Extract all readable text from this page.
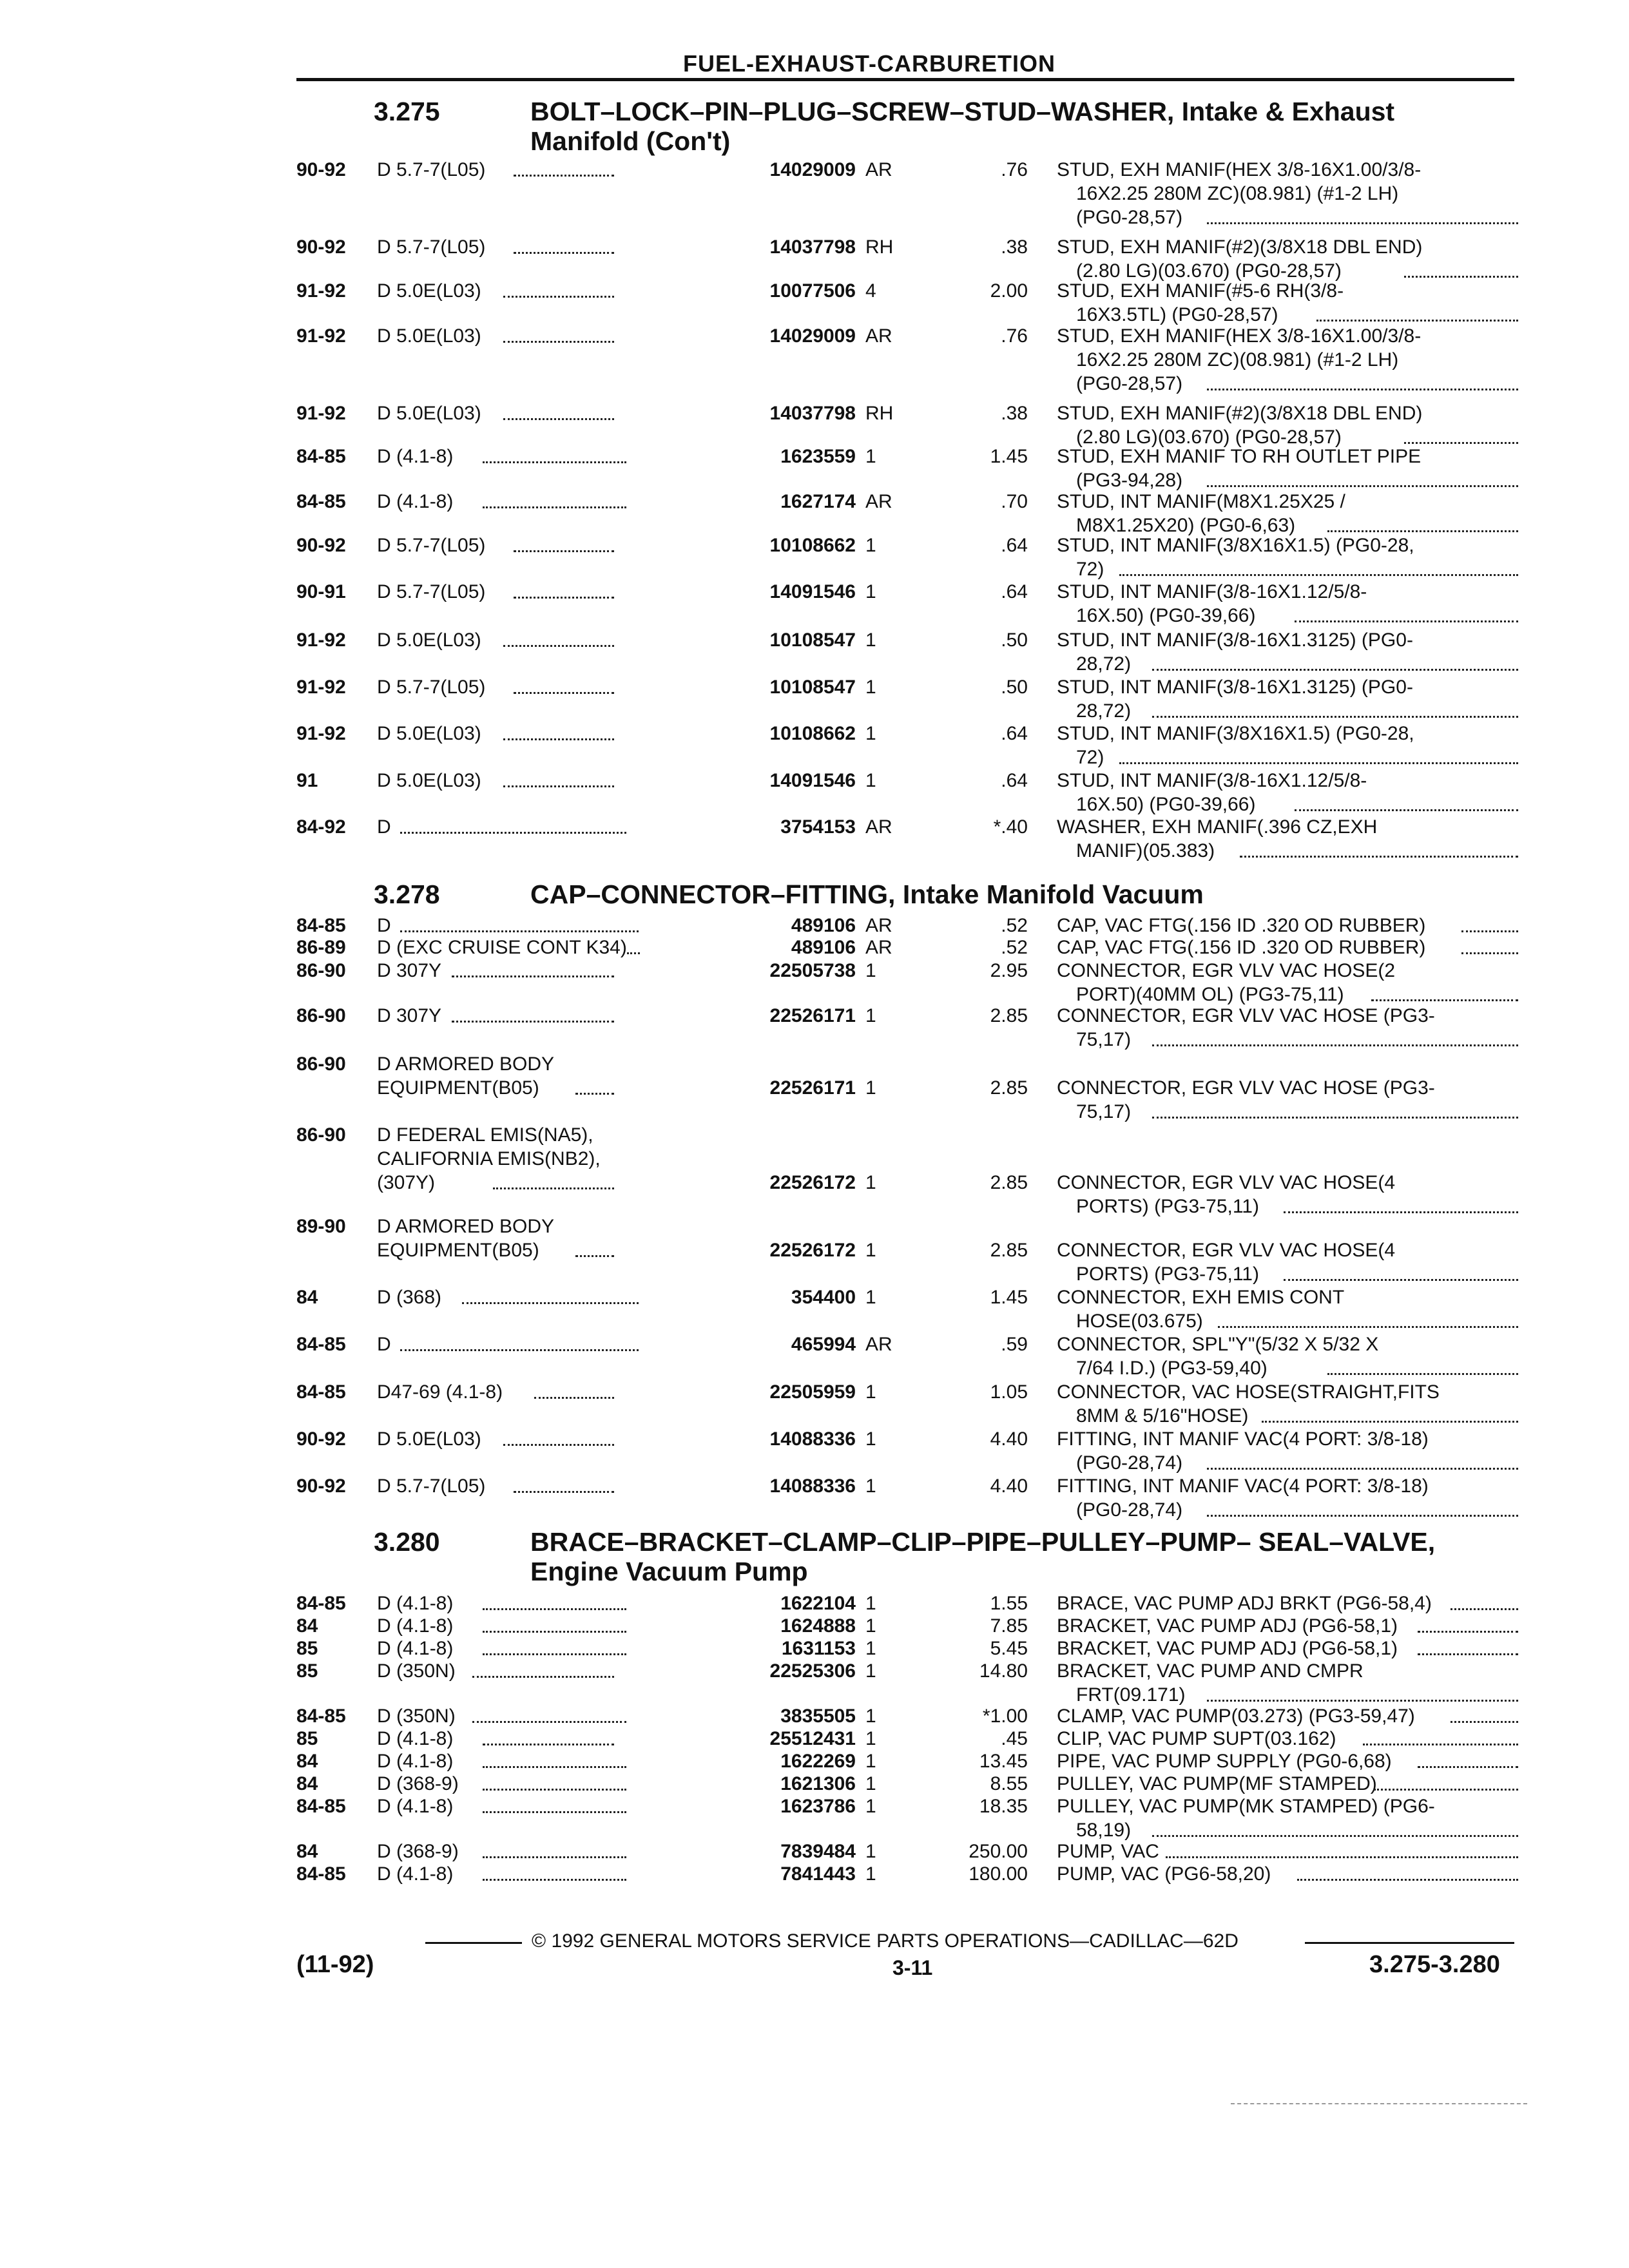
FUEL-EXHAUST-CARBURETION
3.275	BOLT–LOCK–PIN–PLUG–SCREW–STUD–WASHER, Intake & Exhaust
Manifold (Con't)
90-92 D 5.7-7(L05)	14029009 AR	.76 STUD, EXH MANIF(HEX 3/8-16X1.00/3/8-
16X2.25 280M ZC)(08.981) (#1-2 LH)
(PG0-28,57)
90-92 D 5.7-7(L05)	14037798 RH	.38 STUD, EXH MANIF(#2)(3/8X18 DBL END)
(2.80 LG)(03.670) (PG0-28,57)
91-92 D 5.0E(L03)	10077506 4	2.00 STUD, EXH MANIF(#5-6 RH(3/8-
16X3.5TL) (PG0-28,57)
91-92 D 5.0E(L03)	14029009 AR	.76 STUD, EXH MANIF(HEX 3/8-16X1.00/3/8-
16X2.25 280M ZC)(08.981) (#1-2 LH)
(PG0-28,57)
91-92 D 5.0E(L03)	14037798 RH	.38 STUD, EXH MANIF(#2)(3/8X18 DBL END)
(2.80 LG)(03.670) (PG0-28,57)
84-85 D (4.1-8)	1623559 1	1.45 STUD, EXH MANIF TO RH OUTLET PIPE
(PG3-94,28)
84-85 D (4.1-8)	1627174 AR	.70 STUD, INT MANIF(M8X1.25X25 /
M8X1.25X20) (PG0-6,63)
90-92 D 5.7-7(L05)	10108662 1	.64 STUD, INT MANIF(3/8X16X1.5) (PG0-28,
72)
90-91 D 5.7-7(L05)	14091546 1	.64 STUD, INT MANIF(3/8-16X1.12/5/8-
16X.50) (PG0-39,66)
91-92 D 5.0E(L03)	10108547 1	.50 STUD, INT MANIF(3/8-16X1.3125) (PG0-
28,72)
91-92 D 5.7-7(L05)	10108547 1	.50 STUD, INT MANIF(3/8-16X1.3125) (PG0-
28,72)
91-92 D 5.0E(L03)	10108662 1	.64 STUD, INT MANIF(3/8X16X1.5) (PG0-28,
72)
91	D 5.0E(L03)	14091546 1	.64 STUD, INT MANIF(3/8-16X1.12/5/8-
16X.50) (PG0-39,66)
84-92 D	3754153 AR	*.40 WASHER, EXH MANIF(.396 CZ,EXH
MANIF)(05.383)
3.278	CAP–CONNECTOR–FITTING, Intake Manifold Vacuum
84-85 D	489106 AR	.52 CAP, VAC FTG(.156 ID .320 OD RUBBER)
86-89 D (EXC CRUISE CONT K34)	489106 AR	.52 CAP, VAC FTG(.156 ID .320 OD RUBBER)
86-90 D 307Y	22505738 1	2.95 CONNECTOR, EGR VLV VAC HOSE(2
PORT)(40MM OL) (PG3-75,11)
86-90 D 307Y	22526171 1	2.85 CONNECTOR, EGR VLV VAC HOSE (PG3-
75,17)
86-90 D ARMORED BODY
EQUIPMENT(B05)	22526171 1	2.85 CONNECTOR, EGR VLV VAC HOSE (PG3-
75,17)
86-90 D FEDERAL EMIS(NA5),
CALIFORNIA EMIS(NB2),
(307Y)	22526172 1	2.85 CONNECTOR, EGR VLV VAC HOSE(4
PORTS) (PG3-75,11)
89-90 D ARMORED BODY
EQUIPMENT(B05)	22526172 1	2.85 CONNECTOR, EGR VLV VAC HOSE(4
PORTS) (PG3-75,11)
84	D (368)	354400 1	1.45 CONNECTOR, EXH EMIS CONT
HOSE(03.675)
84-85 D	465994 AR	.59 CONNECTOR, SPL"Y"(5/32 X 5/32 X
7/64 I.D.) (PG3-59,40)
84-85 D47-69 (4.1-8)	22505959 1	1.05 CONNECTOR, VAC HOSE(STRAIGHT,FITS
8MM & 5/16"HOSE)
90-92 D 5.0E(L03)	14088336 1	4.40 FITTING, INT MANIF VAC(4 PORT: 3/8-18)
(PG0-28,74)
90-92 D 5.7-7(L05)	14088336 1	4.40 FITTING, INT MANIF VAC(4 PORT: 3/8-18)
(PG0-28,74)
3.280	BRACE–BRACKET–CLAMP–CLIP–PIPE–PULLEY–PUMP– SEAL–VALVE,
Engine Vacuum Pump
84-85 D (4.1-8)	1622104 1	1.55 BRACE, VAC PUMP ADJ BRKT (PG6-58,4)
84	D (4.1-8)	1624888 1	7.85 BRACKET, VAC PUMP ADJ (PG6-58,1)
85	D (4.1-8)	1631153 1	5.45 BRACKET, VAC PUMP ADJ (PG6-58,1)
85	D (350N)	22525306 1	14.80 BRACKET, VAC PUMP AND CMPR
FRT(09.171)
84-85 D (350N)	3835505 1	*1.00 CLAMP, VAC PUMP(03.273) (PG3-59,47)
85	D (4.1-8)	25512431 1	.45 CLIP, VAC PUMP SUPT(03.162)
84	D (4.1-8)	1622269 1	13.45 PIPE, VAC PUMP SUPPLY (PG0-6,68)
84	D (368-9)	1621306 1	8.55 PULLEY, VAC PUMP(MF STAMPED)
84-85 D (4.1-8)	1623786 1	18.35 PULLEY, VAC PUMP(MK STAMPED) (PG6-
58,19)
84	D (368-9)	7839484 1	250.00 PUMP, VAC
84-85 D (4.1-8)	7841443 1	180.00 PUMP, VAC (PG6-58,20)
© 1992 GENERAL MOTORS SERVICE PARTS OPERATIONS—CADILLAC—62D
(11-92)	3-11	3.275-3.280
